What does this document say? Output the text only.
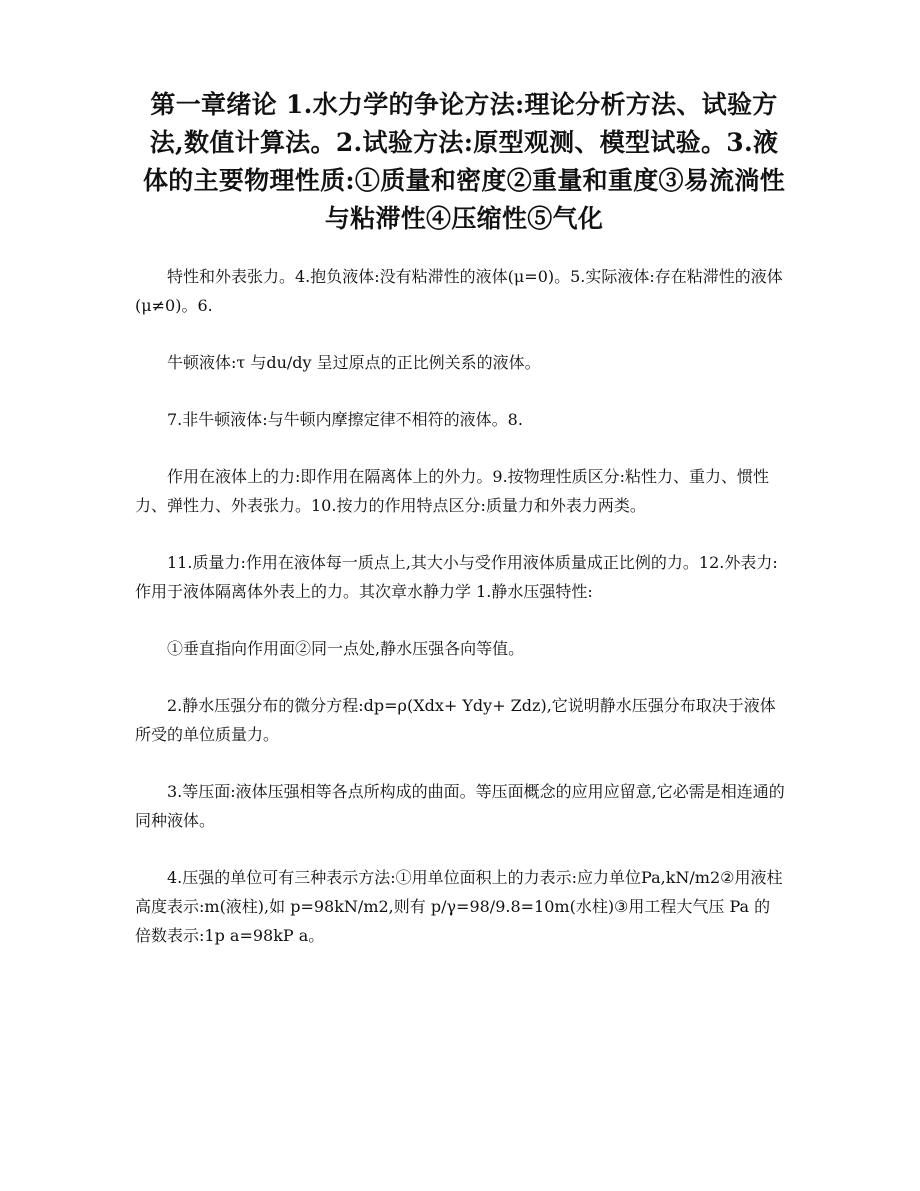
第一章绪论 1.水力学的争论方法:理论分析方法、试验方法,数值计算法。2.试验方法:原型观测、模型试验。3.液体的主要物理性质:①质量和密度②重量和重度③易流淌性与粘滞性④压缩性⑤气化

特性和外表张力。4.抱负液体:没有粘滞性的液体(μ=0)。5.实际液体:存在粘滞性的液体(μ≠0)。6.

牛顿液体:τ 与du/dy 呈过原点的正比例关系的液体。

7.非牛顿液体:与牛顿内摩擦定律不相符的液体。8.

作用在液体上的力:即作用在隔离体上的外力。9.按物理性质区分:粘性力、重力、惯性力、弹性力、外表张力。10.按力的作用特点区分:质量力和外表力两类。

11.质量力:作用在液体每一质点上,其大小与受作用液体质量成正比例的力。12.外表力:作用于液体隔离体外表上的力。其次章水静力学 1.静水压强特性:

①垂直指向作用面②同一点处,静水压强各向等值。

2.静水压强分布的微分方程:dp=ρ(Xdx+ Ydy+ Zdz),它说明静水压强分布取决于液体所受的单位质量力。

3.等压面:液体压强相等各点所构成的曲面。等压面概念的应用应留意,它必需是相连通的同种液体。

4.压强的单位可有三种表示方法:①用单位面积上的力表示:应力单位Pa,kN/m2②用液柱高度表示:m(液柱),如 p=98kN/m2,则有 p/γ=98/9.8=10m(水柱)③用工程大气压 Pa 的倍数表示:1p a=98kP a。
